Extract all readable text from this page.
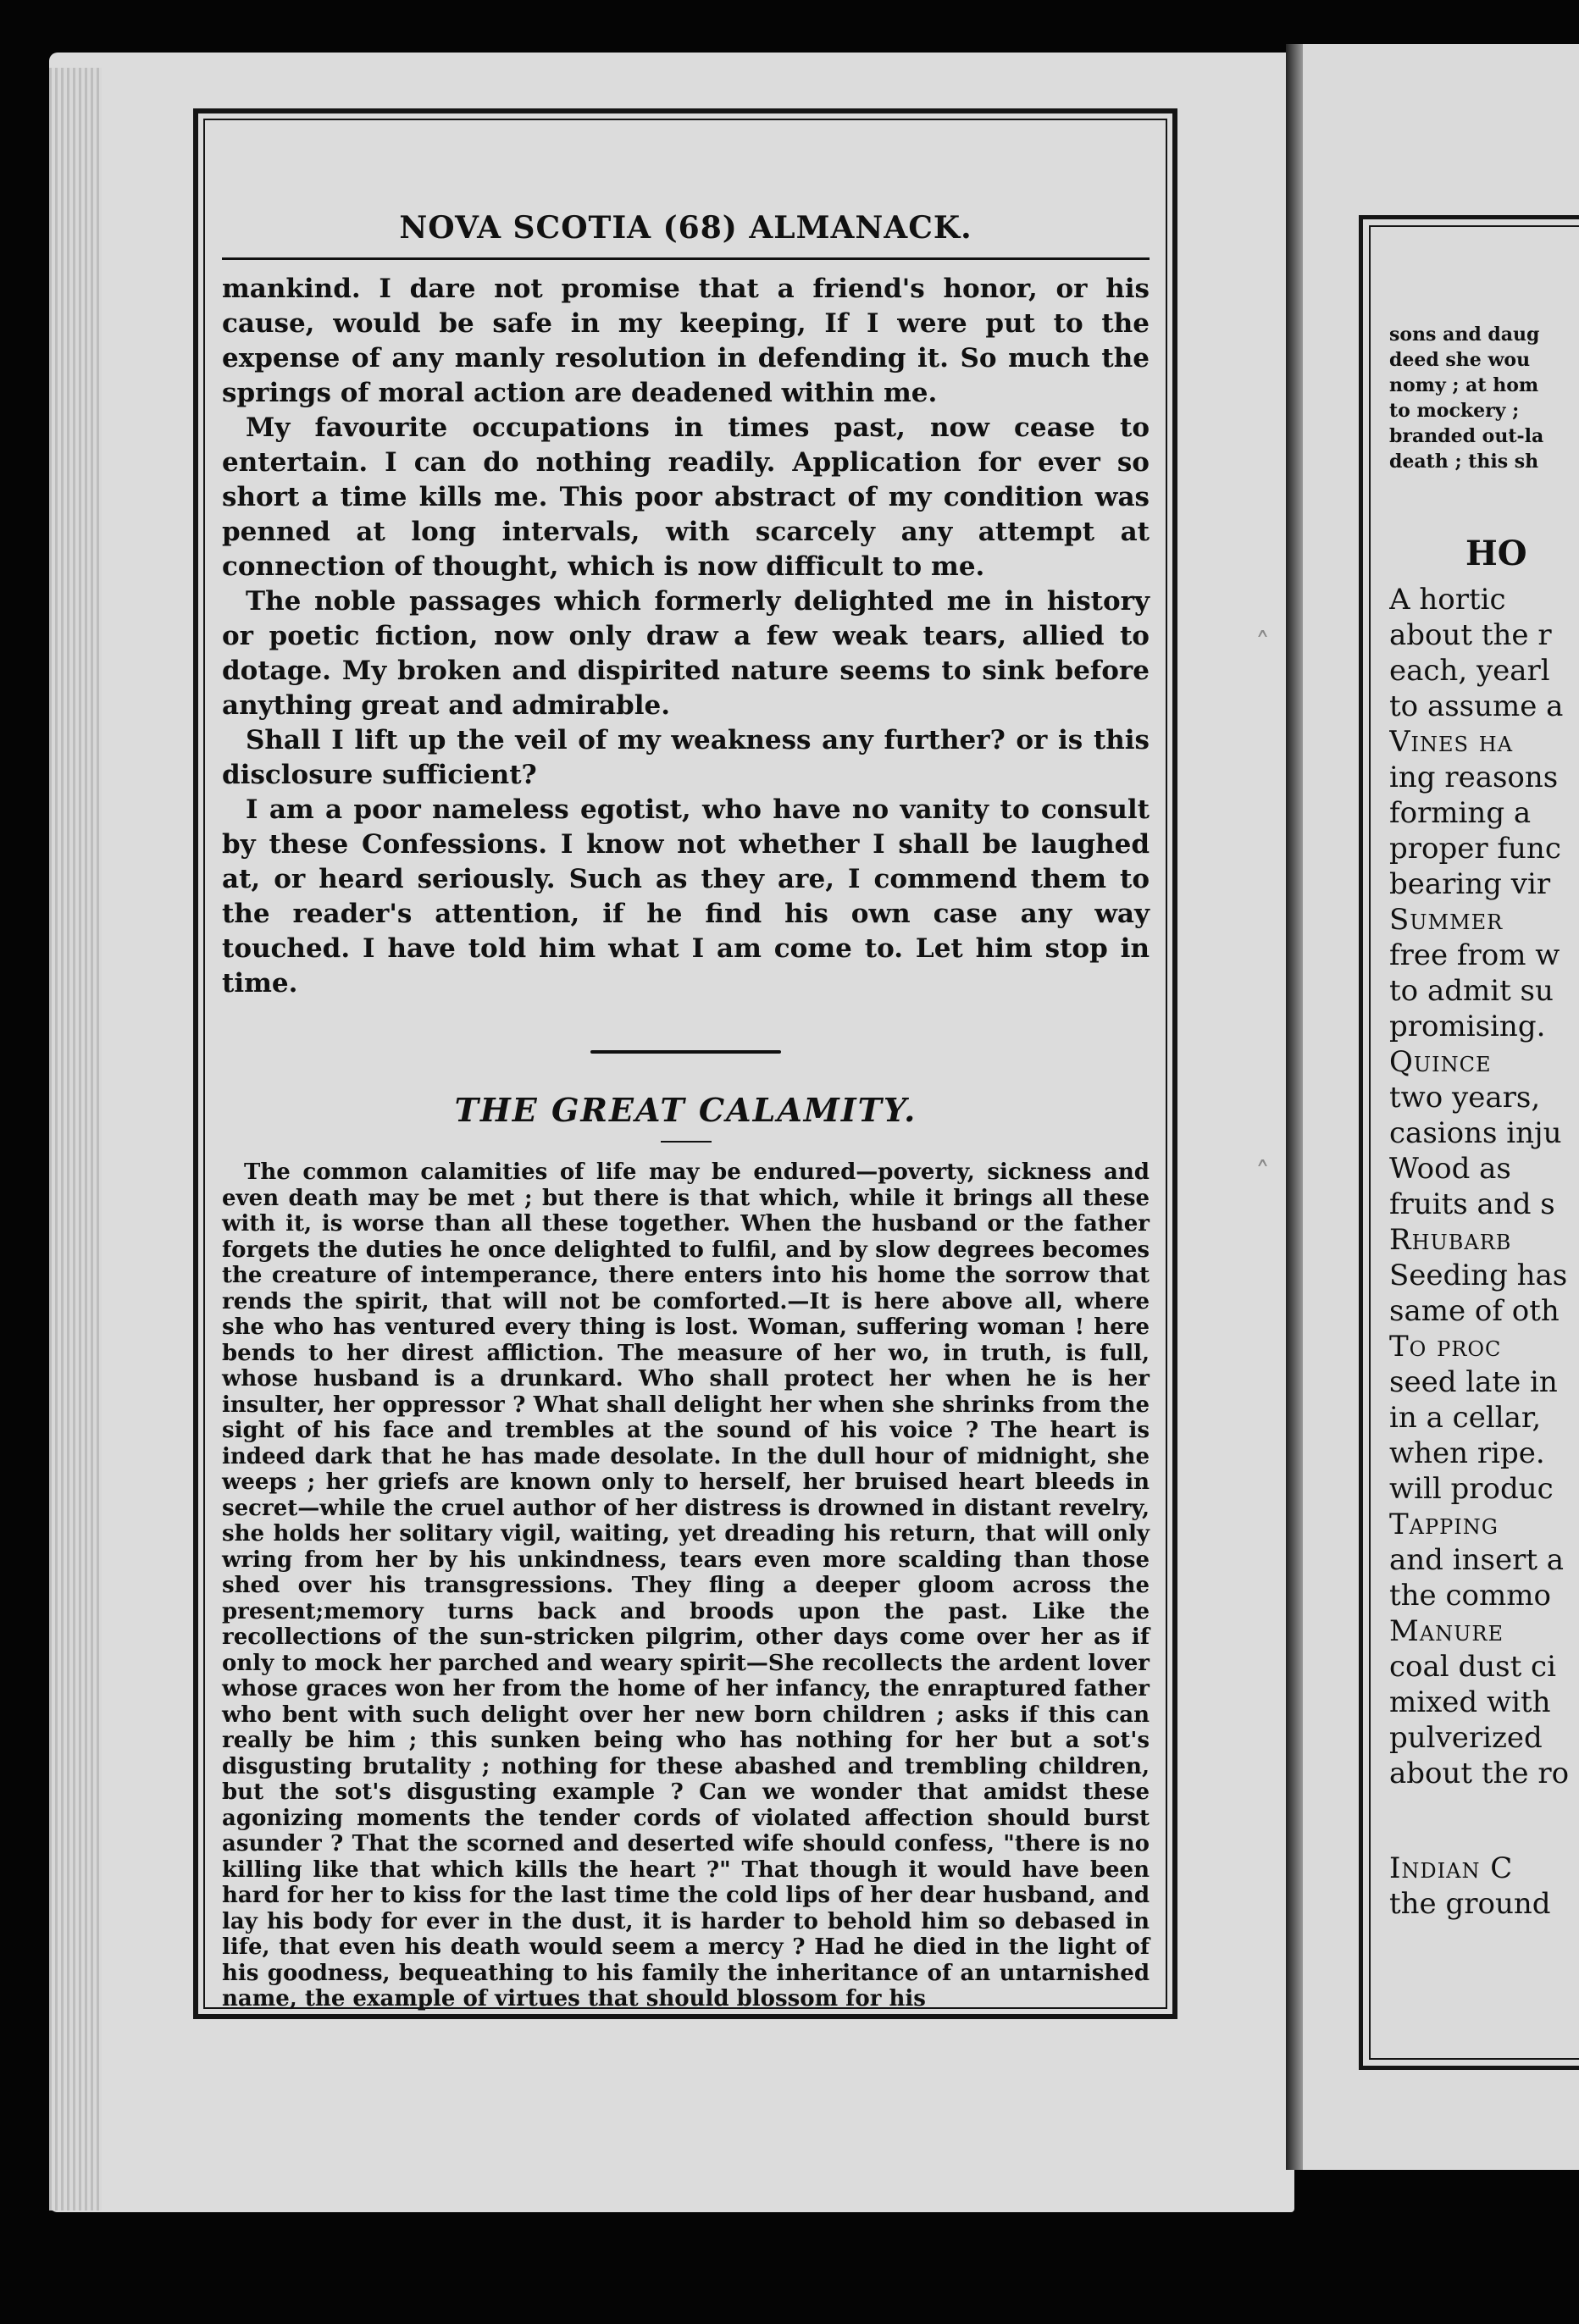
NOVA SCOTIA (68) ALMANACK.

mankind. I dare not promise that a friend's honor, or his cause, would be safe in my keeping, If I were put to the expense of any manly resolution in defending it. So much the springs of moral action are deadened within me.

My favourite occupations in times past, now cease to entertain. I can do nothing readily. Application for ever so short a time kills me. This poor abstract of my condition was penned at long intervals, with scarcely any attempt at connection of thought, which is now difficult to me.

The noble passages which formerly delighted me in history or poetic fiction, now only draw a few weak tears, allied to dotage. My broken and dispirited nature seems to sink before anything great and admirable.

Shall I lift up the veil of my weakness any further? or is this disclosure sufficient?

I am a poor nameless egotist, who have no vanity to consult by these Confessions. I know not whether I shall be laughed at, or heard seriously. Such as they are, I commend them to the reader's attention, if he find his own case any way touched. I have told him what I am come to. Let him stop in time.

THE GREAT CALAMITY.

The common calamities of life may be endured—poverty, sickness and even death may be met ; but there is that which, while it brings all these with it, is worse than all these together. When the husband or the father forgets the duties he once delighted to fulfil, and by slow degrees becomes the creature of intemperance, there enters into his home the sorrow that rends the spirit, that will not be comforted.—It is here above all, where she who has ventured every thing is lost. Woman, suffering woman ! here bends to her direst affliction. The measure of her wo, in truth, is full, whose husband is a drunkard. Who shall protect her when he is her insulter, her oppressor ? What shall delight her when she shrinks from the sight of his face and trembles at the sound of his voice ? The heart is indeed dark that he has made desolate. In the dull hour of midnight, she weeps ; her griefs are known only to herself, her bruised heart bleeds in secret—while the cruel author of her distress is drowned in distant revelry, she holds her solitary vigil, waiting, yet dreading his return, that will only wring from her by his unkindness, tears even more scalding than those shed over his transgressions. They fling a deeper gloom across the present;memory turns back and broods upon the past. Like the recollections of the sun-stricken pilgrim, other days come over her as if only to mock her parched and weary spirit—She recollects the ardent lover whose graces won her from the home of her infancy, the enraptured father who bent with such delight over her new born children ; asks if this can really be him ; this sunken being who has nothing for her but a sot's disgusting brutality ; nothing for these abashed and trembling children, but the sot's disgusting example ? Can we wonder that amidst these agonizing moments the tender cords of violated affection should burst asunder ? That the scorned and deserted wife should confess, "there is no killing like that which kills the heart ?" That though it would have been hard for her to kiss for the last time the cold lips of her dear husband, and lay his body for ever in the dust, it is harder to behold him so debased in life, that even his death would seem a mercy ? Had he died in the light of his goodness, bequeathing to his family the inheritance of an untarnished name, the example of virtues that should blossom for his

sons and daug

deed she wou

nomy ; at hom

to mockery ;

branded out-la

death ; this sh

HO

A hortic

about the r

each, yearl

to assume a

Vines ha

ing reasons

forming a

proper func

bearing vir

Summer

free from w

to admit su

promising.

Quince

two years,

casions inju

Wood as

fruits and s

Rhubarb

Seeding has

same of oth

To proc

seed late in

in a cellar,

when ripe.

will produc

Tapping

and insert a

the commo

Manure

coal dust ci

mixed with

pulverized

about the ro

Indian C

the ground

˄
˄
